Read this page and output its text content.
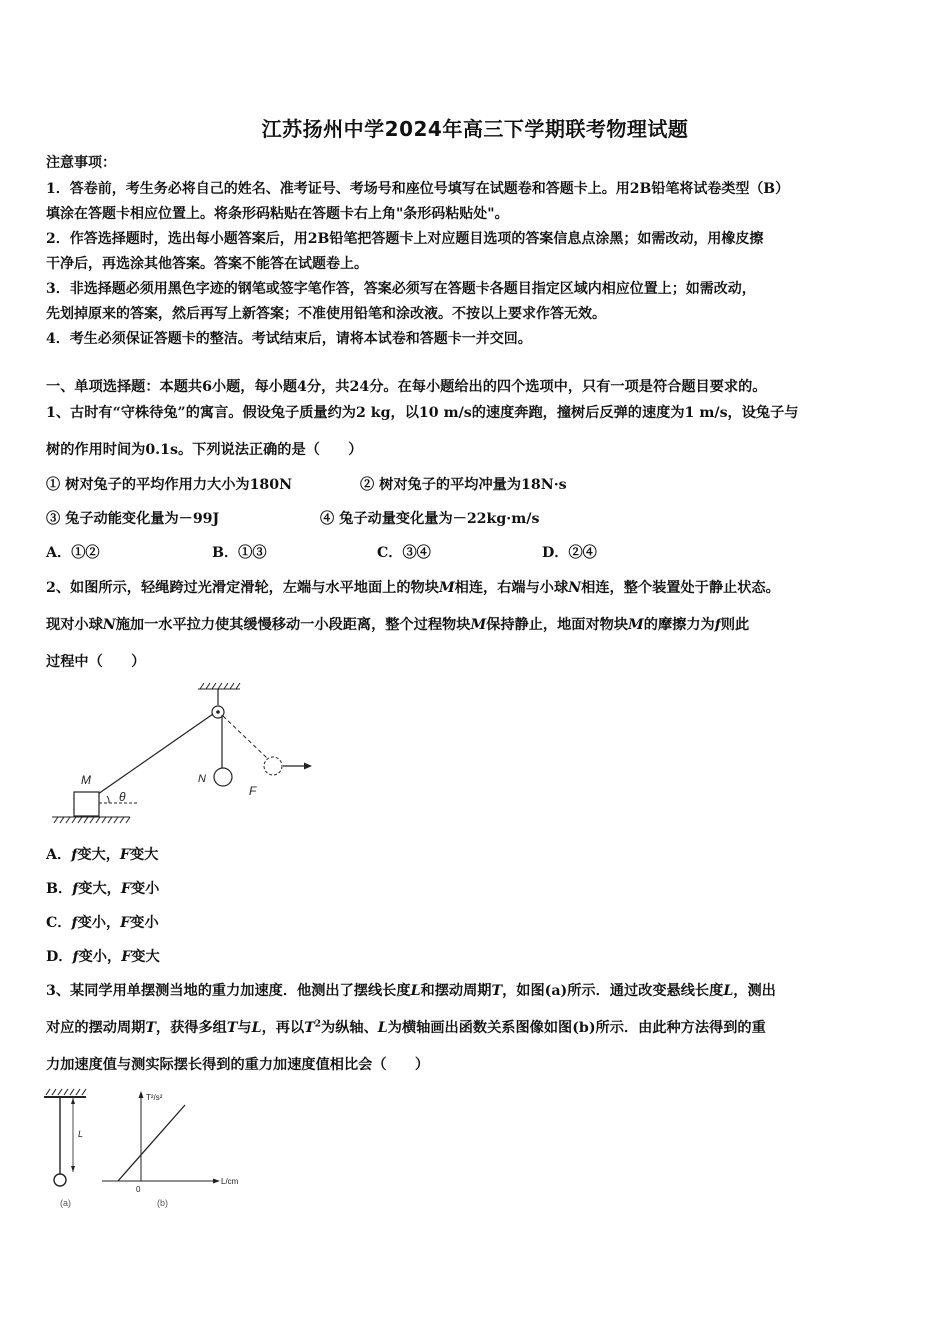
江苏扬州中学2024年高三下学期联考物理试题
注意事项：
1．答卷前，考生务必将自己的姓名、准考证号、考场号和座位号填写在试题卷和答题卡上。用2B铅笔将试卷类型（B）
填涂在答题卡相应位置上。将条形码粘贴在答题卡右上角"条形码粘贴处"。
2．作答选择题时，选出每小题答案后，用2B铅笔把答题卡上对应题目选项的答案信息点涂黑；如需改动，用橡皮擦
干净后，再选涂其他答案。答案不能答在试题卷上。
3．非选择题必须用黑色字迹的钢笔或签字笔作答，答案必须写在答题卡各题目指定区域内相应位置上；如需改动，
先划掉原来的答案，然后再写上新答案；不准使用铅笔和涂改液。不按以上要求作答无效。
4．考生必须保证答题卡的整洁。考试结束后，请将本试卷和答题卡一并交回。
一、单项选择题：本题共6小题，每小题4分，共24分。在每小题给出的四个选项中，只有一项是符合题目要求的。
1、古时有“守株待兔”的寓言。假设兔子质量约为2 kg，以10 m/s的速度奔跑，撞树后反弹的速度为1 m/s，设兔子与
树的作用时间为0.1s。下列说法正确的是（　　）
① 树对兔子的平均作用力大小为180N	② 树对兔子的平均冲量为18N·s
③ 兔子动能变化量为－99J	④ 兔子动量变化量为－22kg·m/s
A．①②	B．①③	C．③④	D．②④
2、如图所示，轻绳跨过光滑定滑轮，左端与水平地面上的物块M相连，右端与小球N相连，整个装置处于静止状态。
现对小球N施加一水平拉力使其缓慢移动一小段距离，整个过程物块M保持静止，地面对物块M的摩擦力为f则此
过程中（　　）
M	N
F
θ
A．f变大，F变大
B．f变大，F变小
C．f变小，F变小
D．f变小，F变大
3、某同学用单摆测当地的重力加速度．他测出了摆线长度L和摆动周期T，如图(a)所示．通过改变悬线长度L，测出
对应的摆动周期T，获得多组T与L，再以$T^2$为纵轴、L为横轴画出函数关系图像如图(b)所示．由此种方法得到的重
力加速度值与测实际摆长得到的重力加速度值相比会（　　）
L
T²/s²
L/cm
0
(a)	(b)
